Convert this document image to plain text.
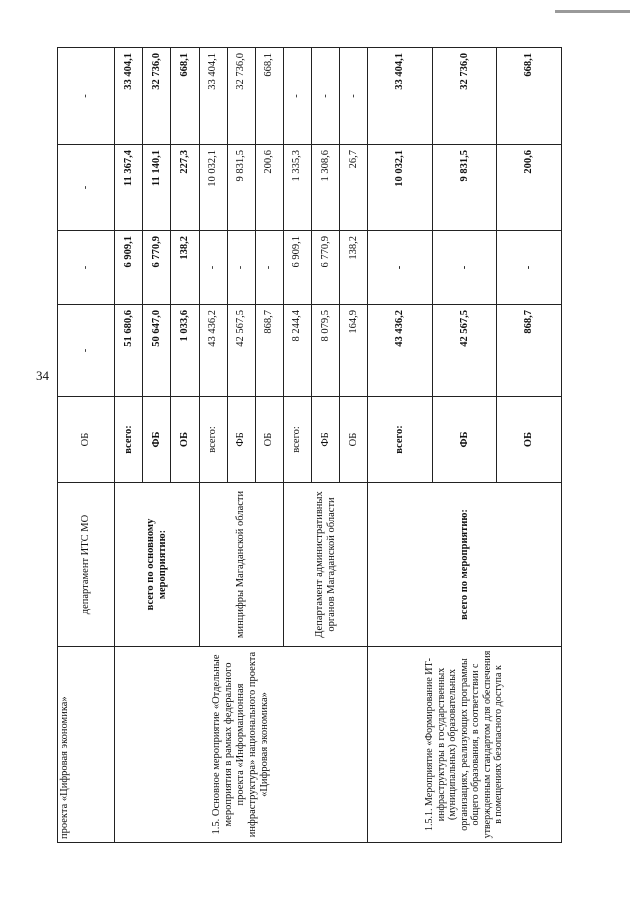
34
проекта «Цифровая экономика»	департамент ИТС МО	ОБ	-	-	-	-
1.5. Основное мероприятие «Отдельные мероприятия в рамках федерального проекта «Информационная инфраструктура» национального проекта «Цифровая экономика»	всего по основному мероприятию:	всего:	51 680,6	6 909,1	11 367,4	33 404,1
		ФБ	50 647,0	6 770,9	11 140,1	32 736,0
		ОБ	1 033,6	138,2	227,3	668,1
	минцифры Магаданской области	всего:	43 436,2	-	10 032,1	33 404,1
		ФБ	42 567,5	-	9 831,5	32 736,0
		ОБ	868,7	-	200,6	668,1
	Департамент административных органов Магаданской области	всего:	8 244,4	6 909,1	1 335,3	-
		ФБ	8 079,5	6 770,9	1 308,6	-
		ОБ	164,9	138,2	26,7	-
1.5.1. Мероприятие «Формирование ИТ-инфраструктуры в государственных (муниципальных) образовательных организациях, реализующих программы общего образования, в соответствии с утвержденным стандартом для обеспечения в помещениях безопасного доступа к	всего по мероприятию:	всего:	43 436,2	-	10 032,1	33 404,1
		ФБ	42 567,5	-	9 831,5	32 736,0
		ОБ	868,7	-	200,6	668,1
